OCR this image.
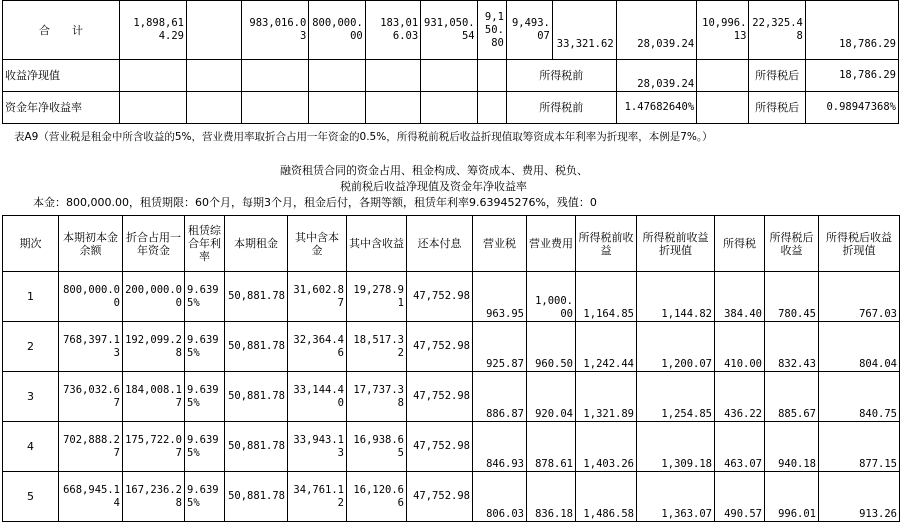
合　　计	1,898,614.29		983,016.03	800,000.00	183,016.03	931,050.54	9,150.80	9,493.07	33,321.62	28,039.24	10,996.13	22,325.48	18,786.29
收益净现值								所得税前		28,039.24		所得税后	18,786.29
资金年净收益率								所得税前		1.47682640%		所得税后	0.98947368%
表A9（营业税是租金中所含收益的5%，营业费用率取折合占用一年资金的0.5%，所得税前税后收益折现值取筹资成本年利率为折现率，本例是7%。）
融资租赁合同的资金占用、租金构成、筹资成本、费用、税负、
税前税后收益净现值及资金年净收益率
本金：800,000.00，租赁期限：60个月，每期3个月，租金后付，各期等额，租赁年利率9.63945276%，残值：0
期次	本期初本金余额	折合占用一年资金	租赁综合年利率	本期租金	其中含本金	其中含收益	还本付息	营业税	营业费用	所得税前收益	所得税前收益折现值	所得税	所得税后收益	所得税后收益折现值
1	800,000.00	200,000.00	9.6395%	50,881.78	31,602.87	19,278.91	47,752.98	963.95	1,000.00	1,164.85	1,144.82	384.40	780.45	767.03
2	768,397.13	192,099.28	9.6395%	50,881.78	32,364.46	18,517.32	47,752.98	925.87	960.50	1,242.44	1,200.07	410.00	832.43	804.04
3	736,032.67	184,008.17	9.6395%	50,881.78	33,144.40	17,737.38	47,752.98	886.87	920.04	1,321.89	1,254.85	436.22	885.67	840.75
4	702,888.27	175,722.07	9.6395%	50,881.78	33,943.13	16,938.65	47,752.98	846.93	878.61	1,403.26	1,309.18	463.07	940.18	877.15
5	668,945.14	167,236.28	9.6395%	50,881.78	34,761.12	16,120.66	47,752.98	806.03	836.18	1,486.58	1,363.07	490.57	996.01	913.26
